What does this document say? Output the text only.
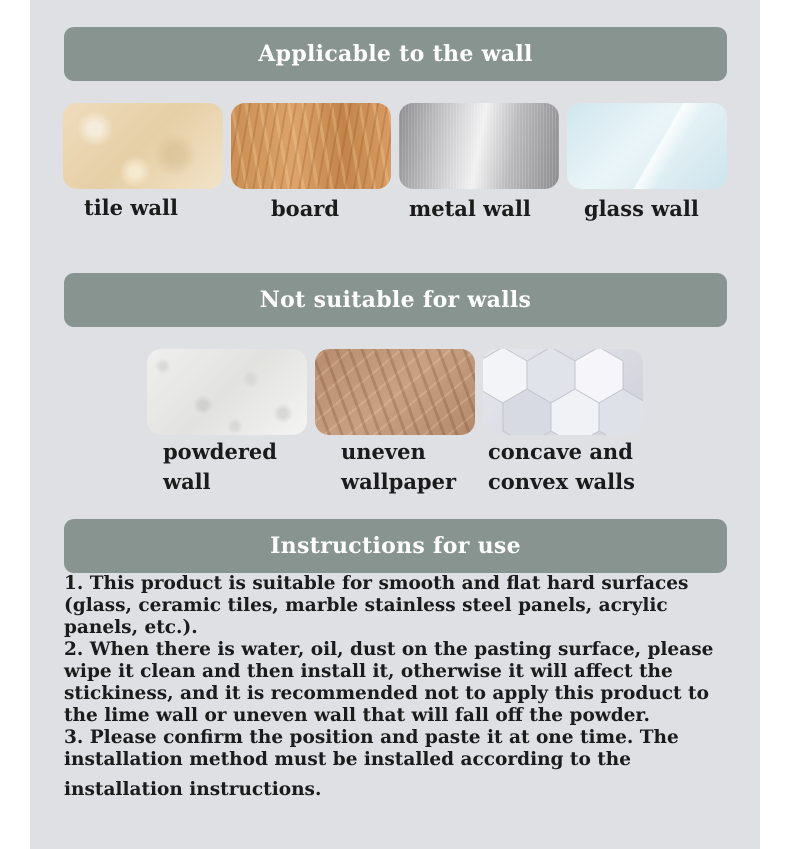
Applicable to the wall
tile wall	board	metal wall	glass wall
Not suitable for walls
powdered
wall
uneven
wallpaper
concave and
convex walls
Instructions for use

1. This product is suitable for smooth and flat hard surfaces (glass, ceramic tiles, marble stainless steel panels, acrylic panels, etc.).

2. When there is water, oil, dust on the pasting surface, please wipe it clean and then install it, otherwise it will affect the stickiness, and it is recommended not to apply this product to the lime wall or uneven wall that will fall off the powder.

3. Please confirm the position and paste it at one time. The installation method must be installed according to the

installation instructions.
